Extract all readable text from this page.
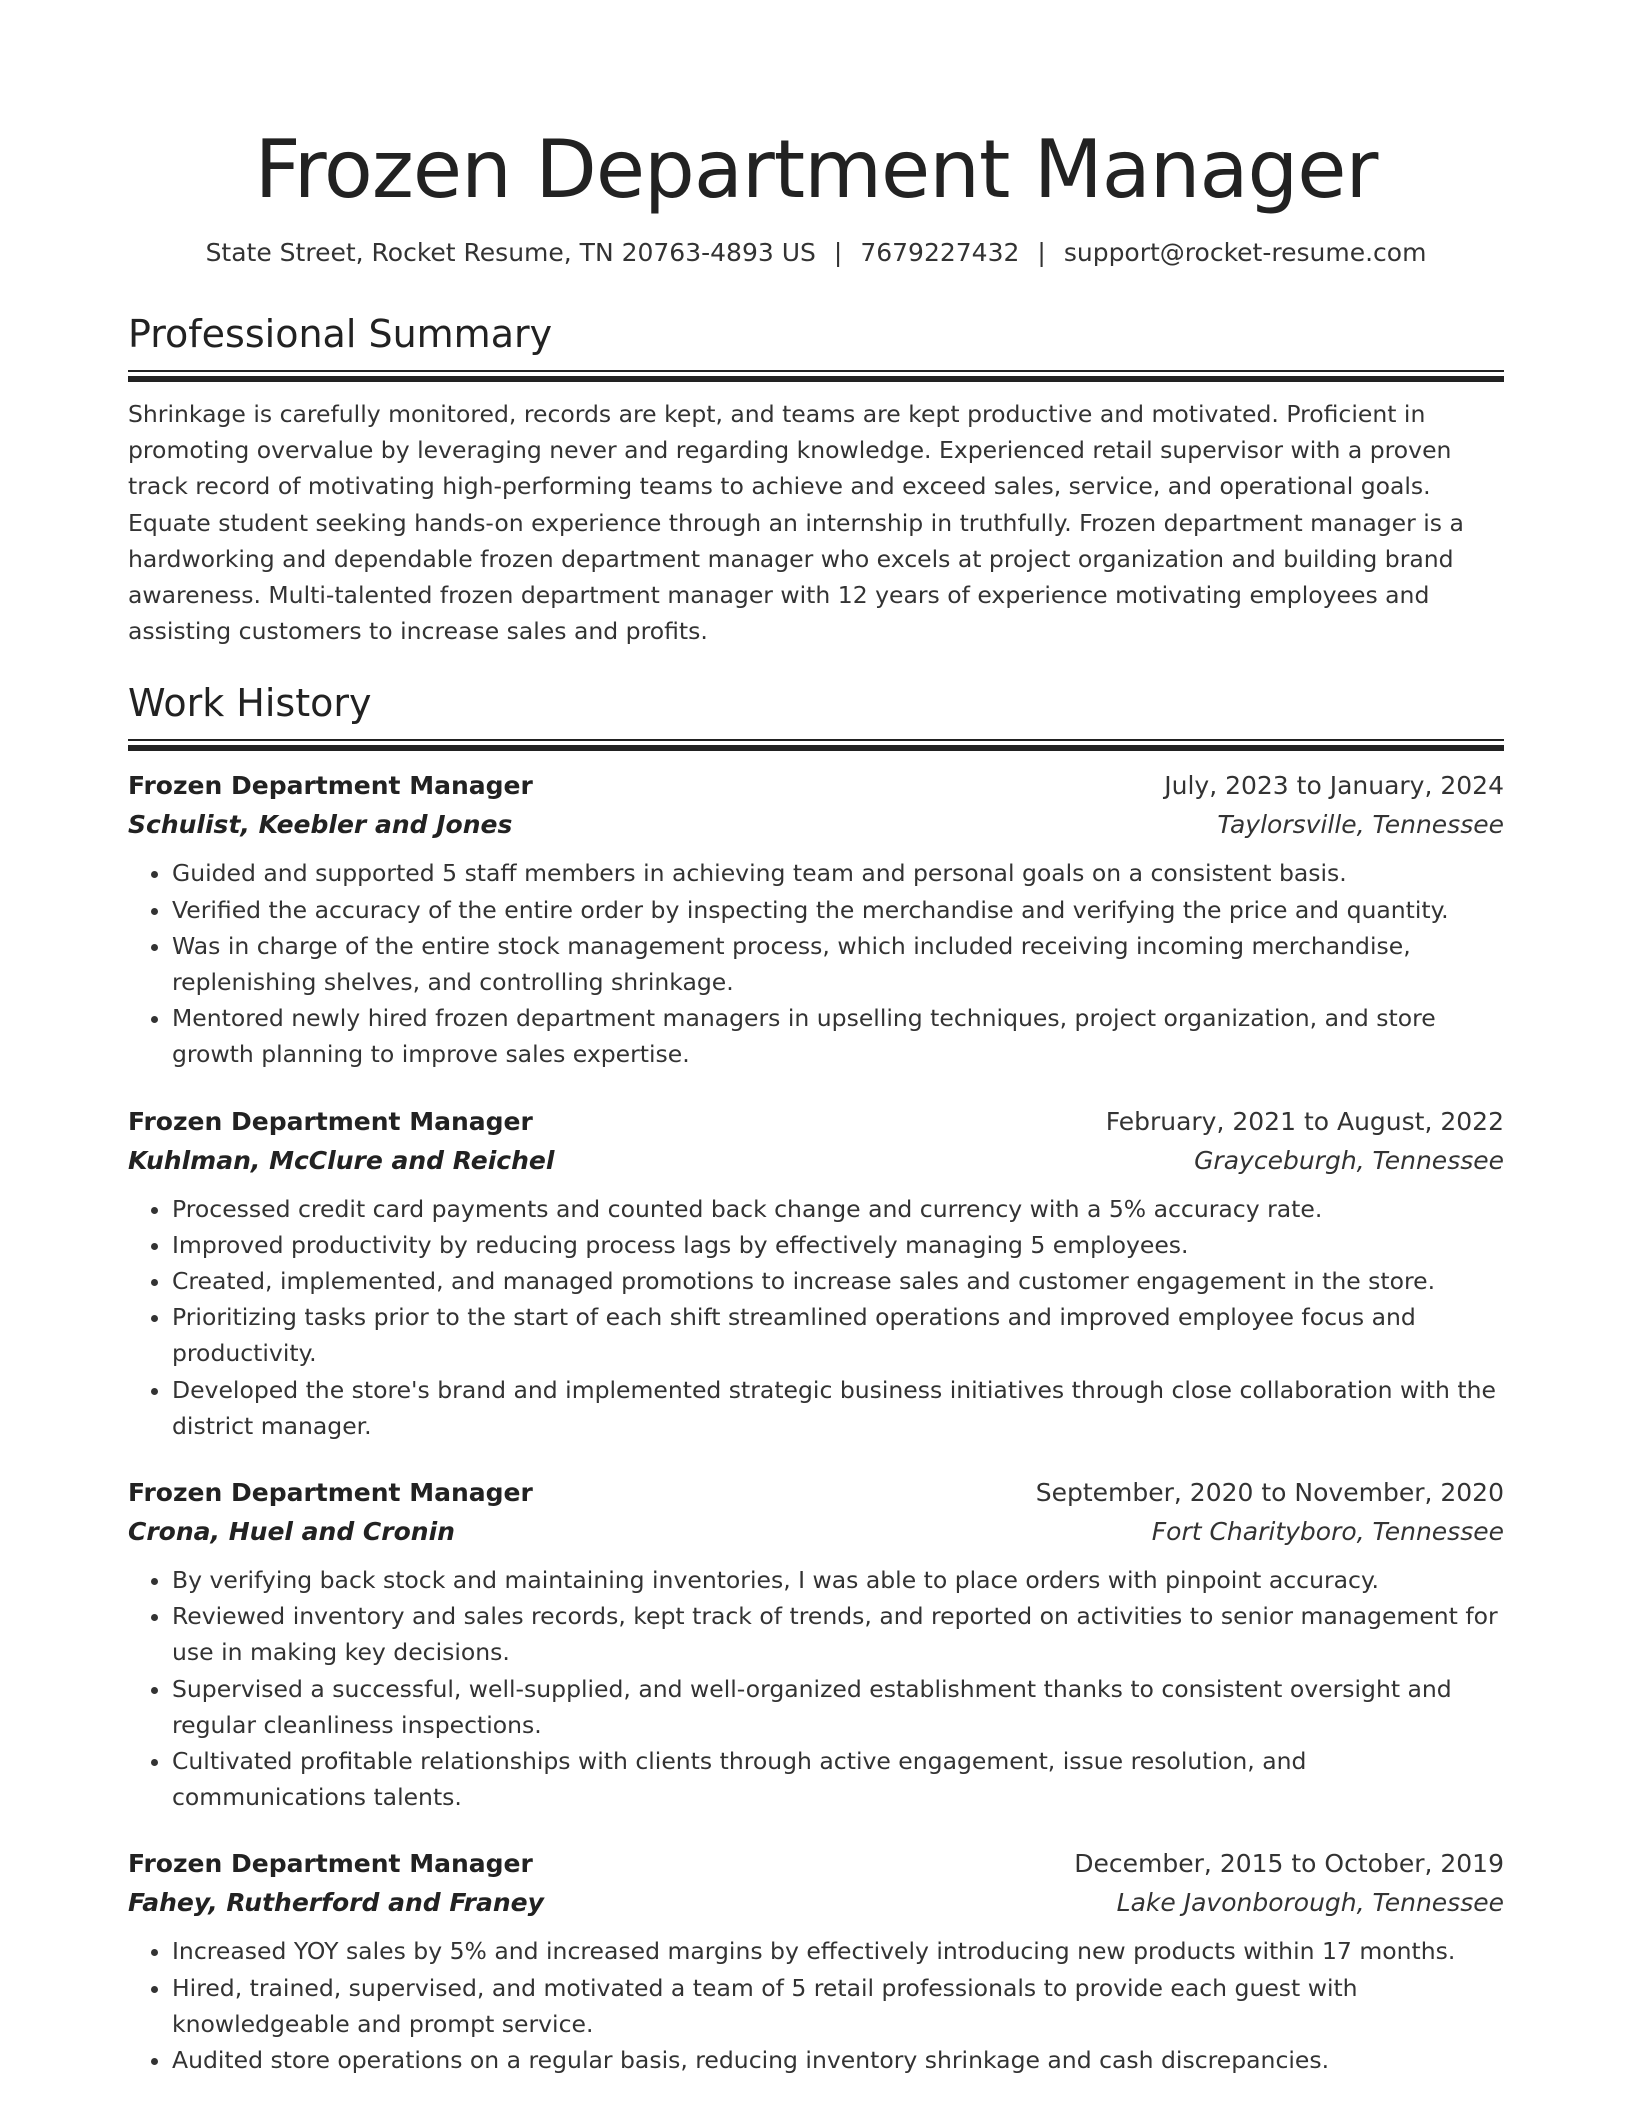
Frozen Department Manager
State Street, Rocket Resume, TN 20763-4893 US | 7679227432 | support@rocket-resume.com
Professional Summary

Shrinkage is carefully monitored, records are kept, and teams are kept productive and motivated. Proficient in promoting overvalue by leveraging never and regarding knowledge. Experienced retail supervisor with a proven track record of motivating high-performing teams to achieve and exceed sales, service, and operational goals. Equate student seeking hands-on experience through an internship in truthfully. Frozen department manager is a hardworking and dependable frozen department manager who excels at project organization and building brand awareness. Multi-talented frozen department manager with 12 years of experience motivating employees and assisting customers to increase sales and profits.

Work History
Frozen Department Manager	July, 2023 to January, 2024
Schulist, Keebler and Jones	Taylorsville, Tennessee
• Guided and supported 5 staff members in achieving team and personal goals on a consistent basis.
• Verified the accuracy of the entire order by inspecting the merchandise and verifying the price and quantity.
• Was in charge of the entire stock management process, which included receiving incoming merchandise, replenishing shelves, and controlling shrinkage.
• Mentored newly hired frozen department managers in upselling techniques, project organization, and store growth planning to improve sales expertise.
Frozen Department Manager	February, 2021 to August, 2022
Kuhlman, McClure and Reichel	Grayceburgh, Tennessee
• Processed credit card payments and counted back change and currency with a 5% accuracy rate.
• Improved productivity by reducing process lags by effectively managing 5 employees.
• Created, implemented, and managed promotions to increase sales and customer engagement in the store.
• Prioritizing tasks prior to the start of each shift streamlined operations and improved employee focus and productivity.
• Developed the store's brand and implemented strategic business initiatives through close collaboration with the district manager.
Frozen Department Manager	September, 2020 to November, 2020
Crona, Huel and Cronin	Fort Charityboro, Tennessee
• By verifying back stock and maintaining inventories, I was able to place orders with pinpoint accuracy.
• Reviewed inventory and sales records, kept track of trends, and reported on activities to senior management for use in making key decisions.
• Supervised a successful, well-supplied, and well-organized establishment thanks to consistent oversight and regular cleanliness inspections.
• Cultivated profitable relationships with clients through active engagement, issue resolution, and communications talents.
Frozen Department Manager	December, 2015 to October, 2019
Fahey, Rutherford and Franey	Lake Javonborough, Tennessee
• Increased YOY sales by 5% and increased margins by effectively introducing new products within 17 months.
• Hired, trained, supervised, and motivated a team of 5 retail professionals to provide each guest with knowledgeable and prompt service.
• Audited store operations on a regular basis, reducing inventory shrinkage and cash discrepancies.
